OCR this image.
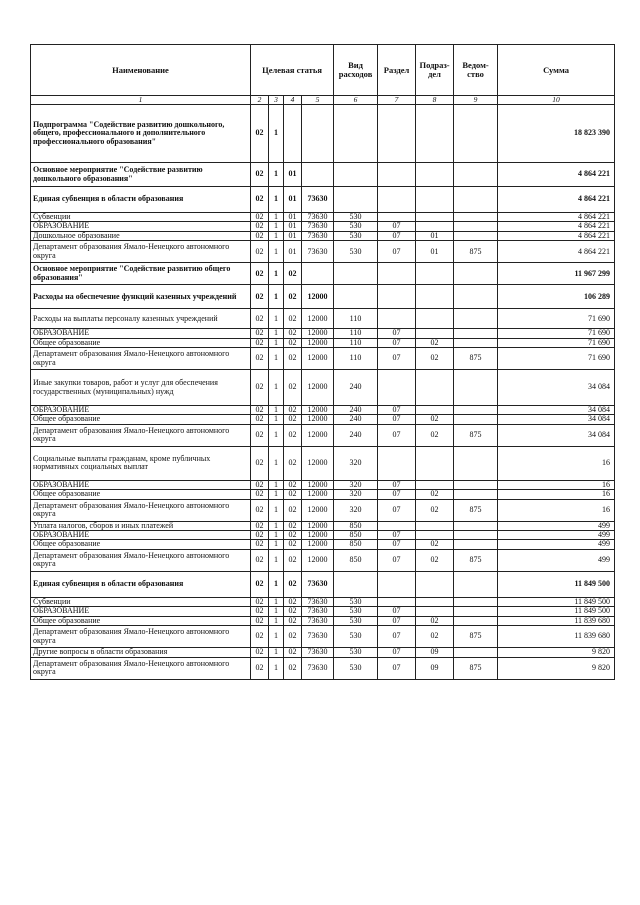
Наименование	Целевая статья				Вид расходов	Раздел	Подраз-дел	Ведом-ство	Сумма
1	2	3	4	5	6	7	8	9	10
Подпрограмма "Содействие развитию дошкольного, общего, профессионального и дополнительного профессионального образования"	02	1							18 823 390
Основное мероприятие "Содействие развитию дошкольного образования"	02	1	01						4 864 221
Единая субвенция в области образования	02	1	01	73630					4 864 221
Субвенции	02	1	01	73630	530				4 864 221
ОБРАЗОВАНИЕ	02	1	01	73630	530	07			4 864 221
Дошкольное образование	02	1	01	73630	530	07	01		4 864 221
Департамент образования Ямало-Ненецкого автономного округа	02	1	01	73630	530	07	01	875	4 864 221
Основное мероприятие "Содействие развитию общего образования"	02	1	02						11 967 299
Расходы на обеспечение функций казенных учреждений	02	1	02	12000					106 289
Расходы на выплаты персоналу казенных учреждений	02	1	02	12000	110				71 690
ОБРАЗОВАНИЕ	02	1	02	12000	110	07			71 690
Общее образование	02	1	02	12000	110	07	02		71 690
Департамент образования Ямало-Ненецкого автономного округа	02	1	02	12000	110	07	02	875	71 690
Иные закупки товаров, работ и услуг для обеспечения государственных (муниципальных) нужд	02	1	02	12000	240				34 084
ОБРАЗОВАНИЕ	02	1	02	12000	240	07			34 084
Общее образование	02	1	02	12000	240	07	02		34 084
Департамент образования Ямало-Ненецкого автономного округа	02	1	02	12000	240	07	02	875	34 084
Социальные выплаты гражданам, кроме публичных нормативных социальных выплат	02	1	02	12000	320				16
ОБРАЗОВАНИЕ	02	1	02	12000	320	07			16
Общее образование	02	1	02	12000	320	07	02		16
Департамент образования Ямало-Ненецкого автономного округа	02	1	02	12000	320	07	02	875	16
Уплата налогов, сборов и иных платежей	02	1	02	12000	850				499
ОБРАЗОВАНИЕ	02	1	02	12000	850	07			499
Общее образование	02	1	02	12000	850	07	02		499
Департамент образования Ямало-Ненецкого автономного округа	02	1	02	12000	850	07	02	875	499
Единая субвенция в области образования	02	1	02	73630					11 849 500
Субвенции	02	1	02	73630	530				11 849 500
ОБРАЗОВАНИЕ	02	1	02	73630	530	07			11 849 500
Общее образование	02	1	02	73630	530	07	02		11 839 680
Департамент образования Ямало-Ненецкого автономного округа	02	1	02	73630	530	07	02	875	11 839 680
Другие вопросы в области образования	02	1	02	73630	530	07	09		9 820
Департамент образования Ямало-Ненецкого автономного округа	02	1	02	73630	530	07	09	875	9 820
